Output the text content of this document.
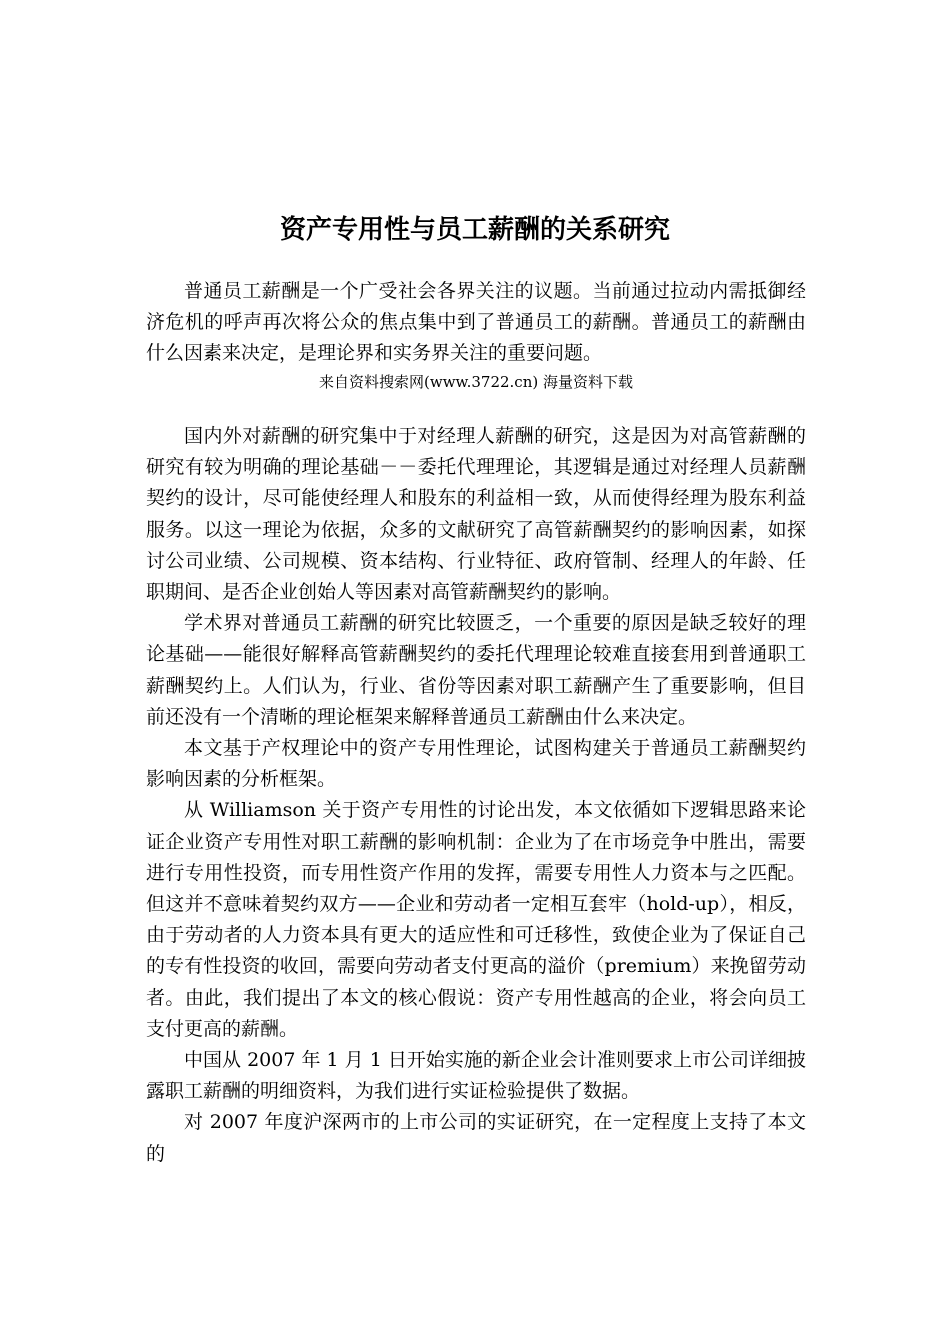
资产专用性与员工薪酬的关系研究

普通员工薪酬是一个广受社会各界关注的议题。当前通过拉动内需抵御经济危机的呼声再次将公众的焦点集中到了普通员工的薪酬。普通员工的薪酬由什么因素来决定，是理论界和实务界关注的重要问题。

来自资料搜索网(www.3722.cn) 海量资料下载

国内外对薪酬的研究集中于对经理人薪酬的研究，这是因为对高管薪酬的研究有较为明确的理论基础－－委托代理理论，其逻辑是通过对经理人员薪酬契约的设计，尽可能使经理人和股东的利益相一致，从而使得经理为股东利益服务。以这一理论为依据，众多的文献研究了高管薪酬契约的影响因素，如探讨公司业绩、公司规模、资本结构、行业特征、政府管制、经理人的年龄、任职期间、是否企业创始人等因素对高管薪酬契约的影响。

学术界对普通员工薪酬的研究比较匮乏，一个重要的原因是缺乏较好的理论基础——能很好解释高管薪酬契约的委托代理理论较难直接套用到普通职工薪酬契约上。人们认为，行业、省份等因素对职工薪酬产生了重要影响，但目前还没有一个清晰的理论框架来解释普通员工薪酬由什么来决定。

本文基于产权理论中的资产专用性理论，试图构建关于普通员工薪酬契约影响因素的分析框架。

从 Williamson 关于资产专用性的讨论出发，本文依循如下逻辑思路来论证企业资产专用性对职工薪酬的影响机制：企业为了在市场竞争中胜出，需要进行专用性投资，而专用性资产作用的发挥，需要专用性人力资本与之匹配。但这并不意味着契约双方——企业和劳动者一定相互套牢（hold-up），相反，由于劳动者的人力资本具有更大的适应性和可迁移性，致使企业为了保证自己的专有性投资的收回，需要向劳动者支付更高的溢价（premium）来挽留劳动者。由此，我们提出了本文的核心假说：资产专用性越高的企业，将会向员工支付更高的薪酬。

中国从 2007 年 1 月 1 日开始实施的新企业会计准则要求上市公司详细披露职工薪酬的明细资料，为我们进行实证检验提供了数据。

对 2007 年度沪深两市的上市公司的实证研究，在一定程度上支持了本文的
